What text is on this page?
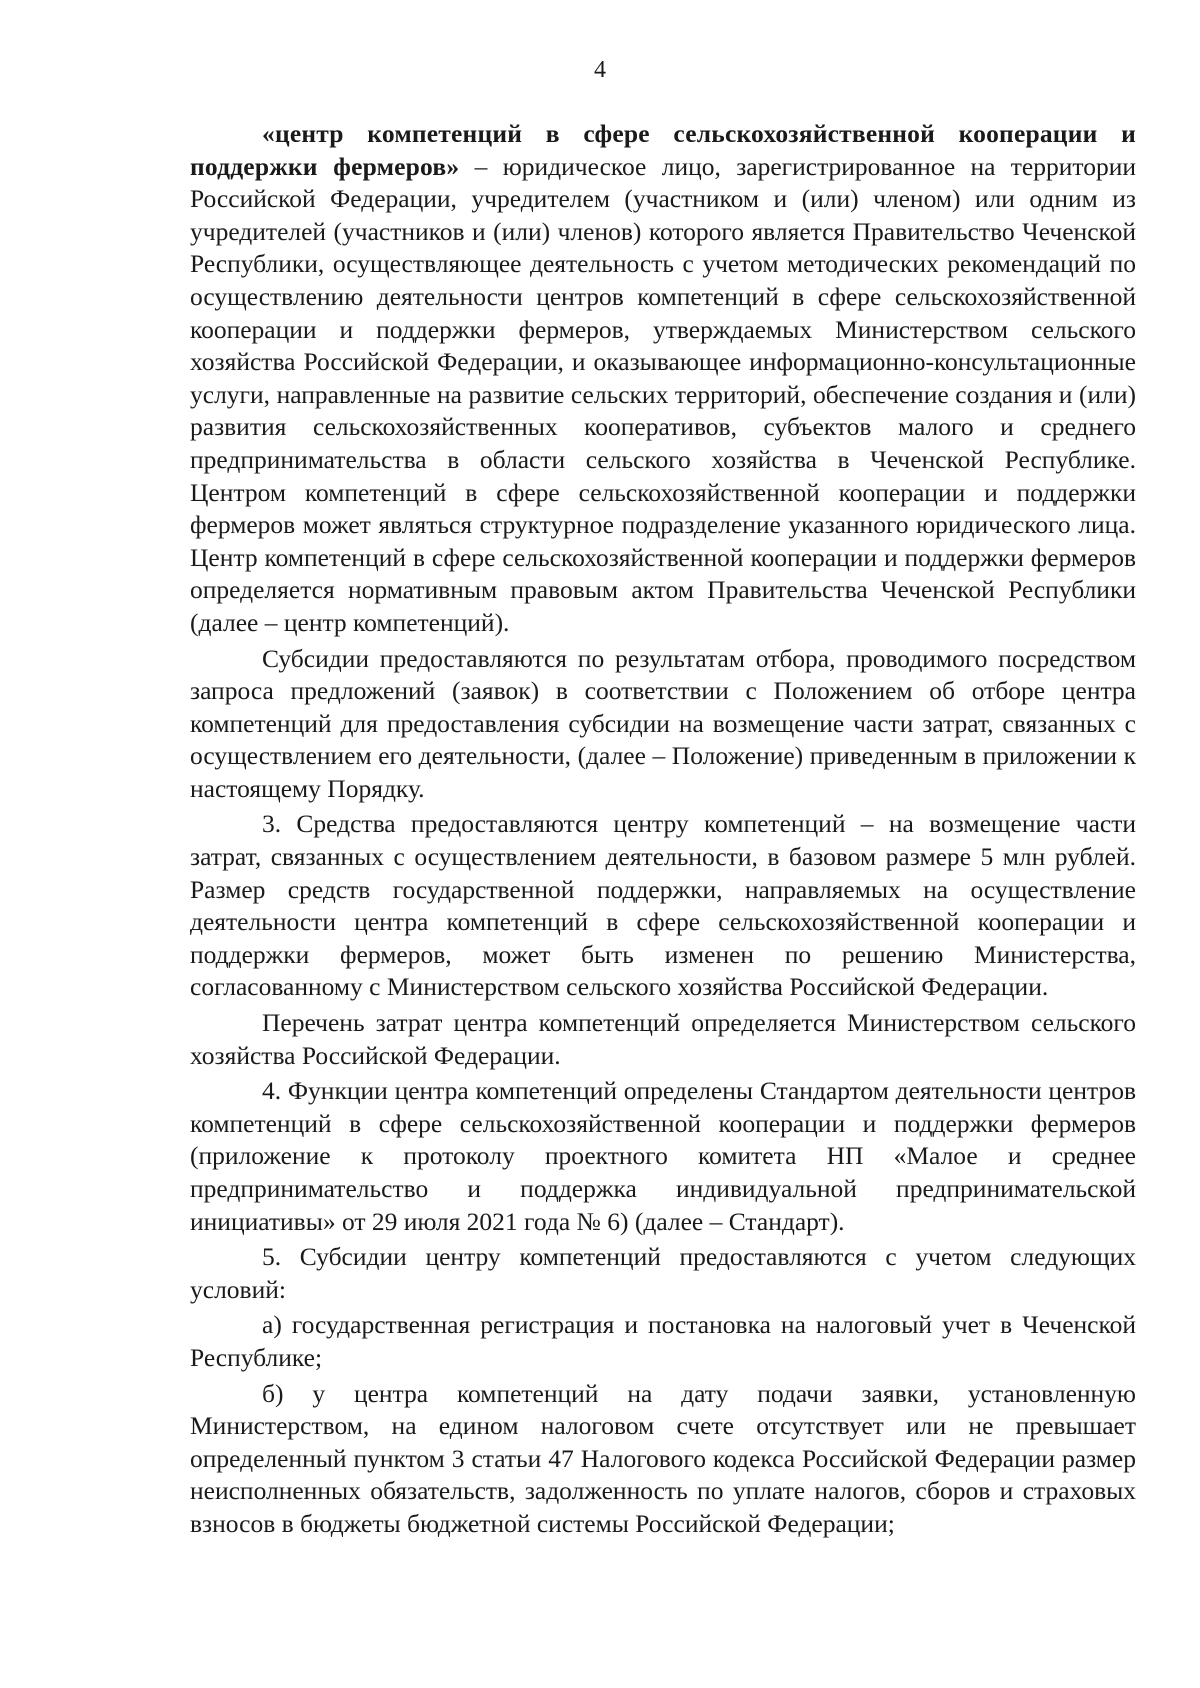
4

«центр компетенций в сфере сельскохозяйственной кооперации и поддержки фермеров» – юридическое лицо, зарегистрированное на территории Российской Федерации, учредителем (участником и (или) членом) или одним из учредителей (участников и (или) членов) которого является Правительство Чеченской Республики, осуществляющее деятельность с учетом методических рекомендаций по осуществлению деятельности центров компетенций в сфере сельскохозяйственной кооперации и поддержки фермеров, утверждаемых Министерством сельского хозяйства Российской Федерации, и оказывающее информационно-консультационные услуги, направленные на развитие сельских территорий, обеспечение создания и (или) развития сельскохозяйственных кооперативов, субъектов малого и среднего предпринимательства в области сельского хозяйства в Чеченской Республике. Центром компетенций в сфере сельскохозяйственной кооперации и поддержки фермеров может являться структурное подразделение указанного юридического лица. Центр компетенций в сфере сельскохозяйственной кооперации и поддержки фермеров определяется нормативным правовым актом Правительства Чеченской Республики (далее – центр компетенций).

Субсидии предоставляются по результатам отбора, проводимого посредством запроса предложений (заявок) в соответствии с Положением об отборе центра компетенций для предоставления субсидии на возмещение части затрат, связанных с осуществлением его деятельности, (далее – Положение) приведенным в приложении к настоящему Порядку.

3. Средства предоставляются центру компетенций – на возмещение части затрат, связанных с осуществлением деятельности, в базовом размере 5 млн рублей. Размер средств государственной поддержки, направляемых на осуществление деятельности центра компетенций в сфере сельскохозяйственной кооперации и поддержки фермеров, может быть изменен по решению Министерства, согласованному с Министерством сельского хозяйства Российской Федерации.

Перечень затрат центра компетенций определяется Министерством сельского хозяйства Российской Федерации.

4. Функции центра компетенций определены Стандартом деятельности центров компетенций в сфере сельскохозяйственной кооперации и поддержки фермеров (приложение к протоколу проектного комитета НП «Малое и среднее предпринимательство и поддержка индивидуальной предпринимательской инициативы» от 29 июля 2021 года № 6) (далее – Стандарт).

5. Субсидии центру компетенций предоставляются с учетом следующих условий:

а) государственная регистрация и постановка на налоговый учет в Чеченской Республике;

б) у центра компетенций на дату подачи заявки, установленную Министерством, на едином налоговом счете отсутствует или не превышает определенный пунктом 3 статьи 47 Налогового кодекса Российской Федерации размер неисполненных обязательств, задолженность по уплате налогов, сборов и страховых взносов в бюджеты бюджетной системы Российской Федерации;
